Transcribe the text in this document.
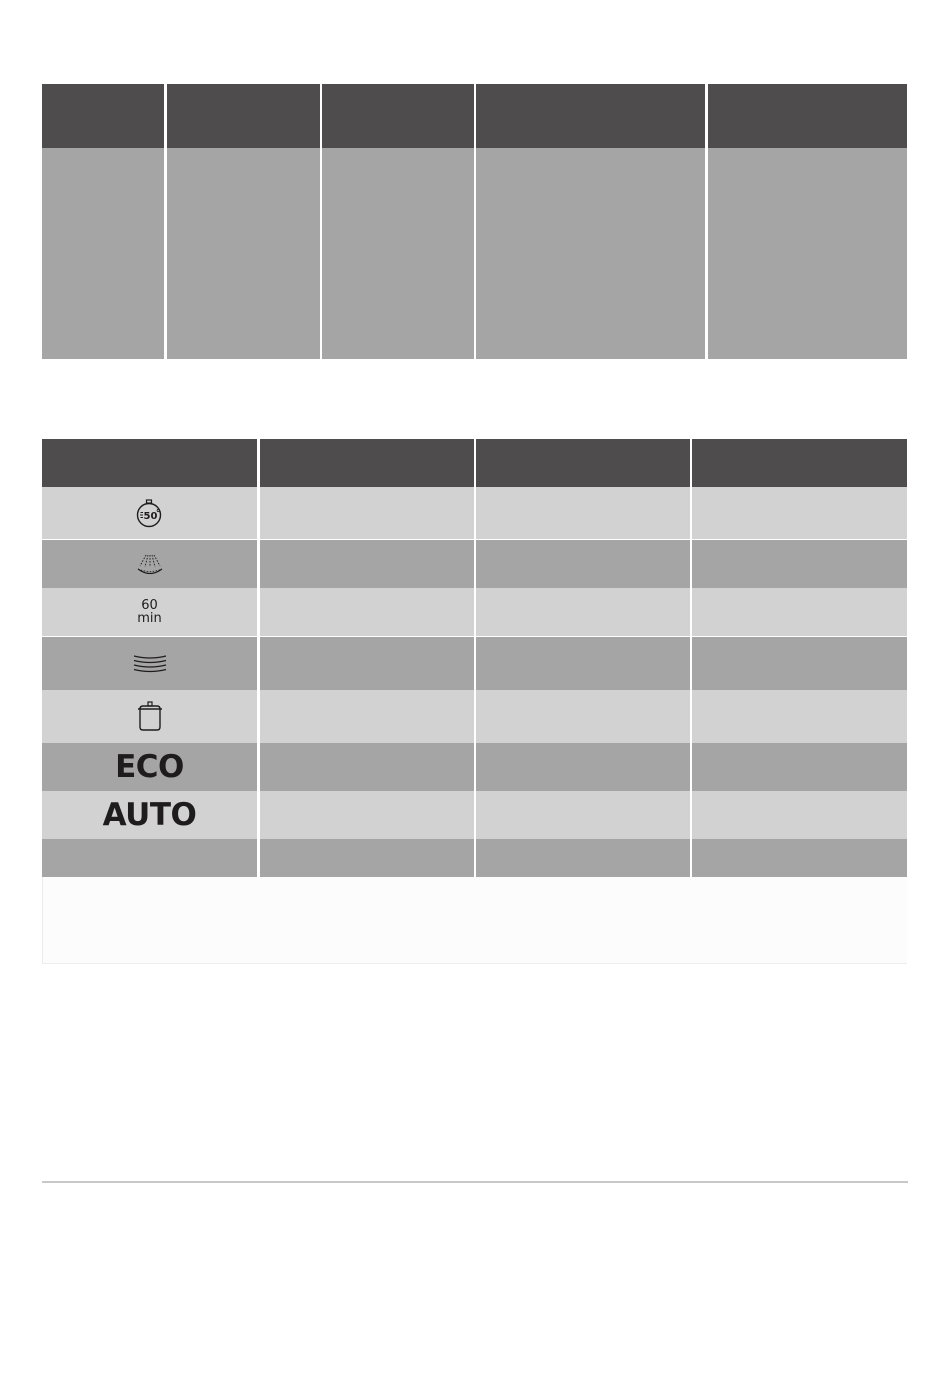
50
60
min
ECO
AUTO
